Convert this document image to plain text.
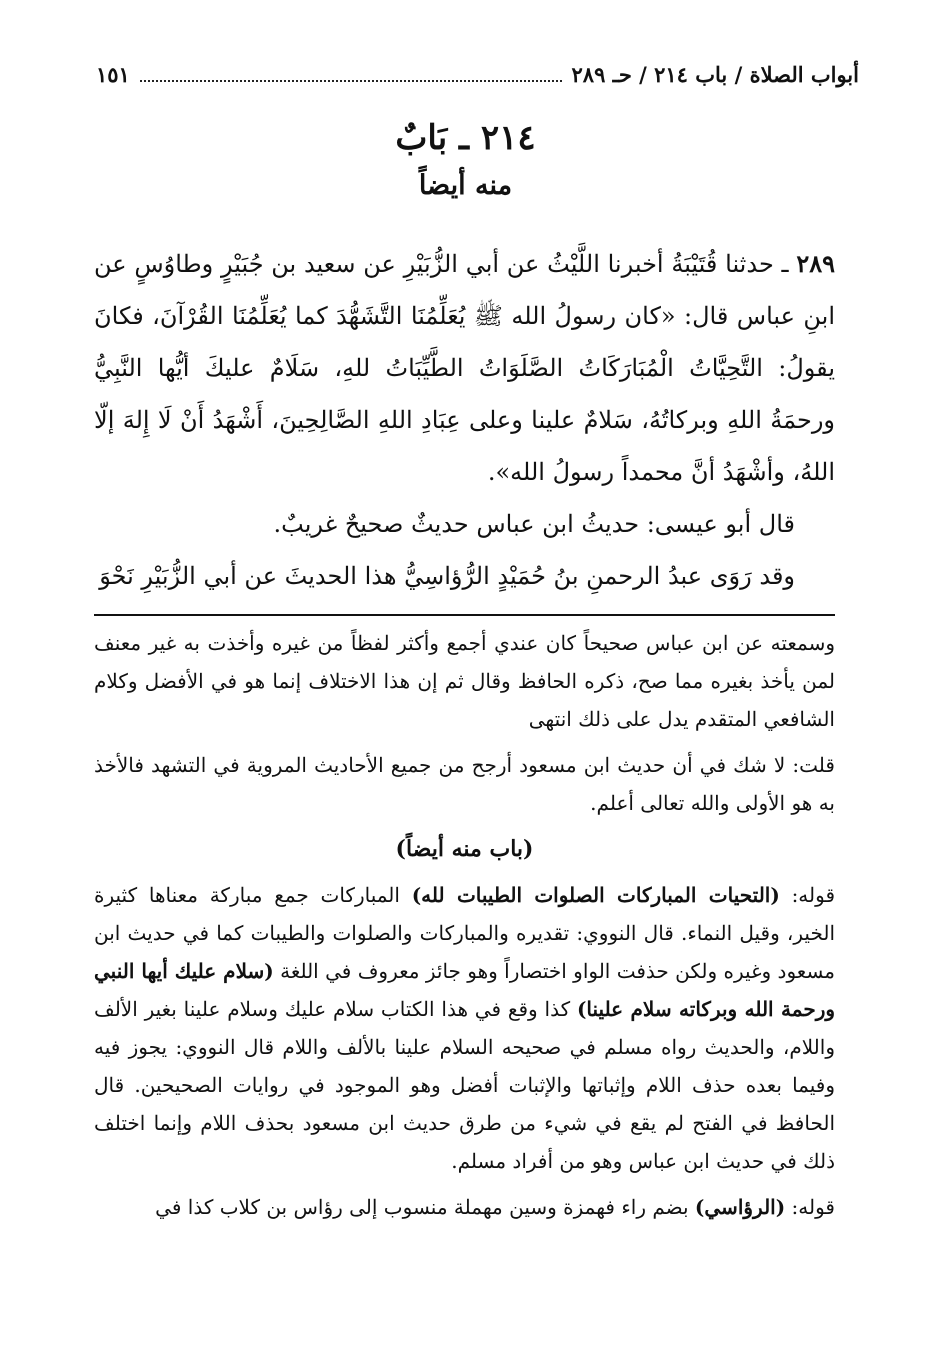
أبواب الصلاة / باب ٢١٤ / حـ ٢٨٩
١٥١
٢١٤ ـ بَابٌ
منه أيضاً

٢٨٩ ـ حدثنا قُتَيْبَةُ أخبرنا اللَّيْثُ عن أبي الزُّبَيْرِ عن سعيد بن جُبَيْرٍ وطاوُسٍ عن ابنِ عباس قال: «كان رسولُ الله ﷺ يُعَلِّمُنَا التَّشَهُّدَ كما يُعَلِّمُنَا القُرْآنَ، فكانَ يقولُ: التَّحِيَّاتُ الْمُبَارَكَاتُ الصَّلَوَاتُ الطَّيِّبَاتُ للهِ، سَلَامٌ عليكَ أيُّها النَّبِيُّ ورحمَةُ اللهِ وبركاتُهُ، سَلامٌ علينا وعلى عِبَادِ اللهِ الصَّالِحِينَ، أَشْهَدُ أَنْ لَا إِلهَ إلّا اللهُ، وأشْهَدُ أنَّ محمداً رسولُ الله».

قال أبو عيسى: حديثُ ابن عباس حديثٌ صحيحٌ غريبٌ.

وقد رَوَى عبدُ الرحمنِ بنُ حُمَيْدٍ الرُّؤاسِيُّ هذا الحديثَ عن أبي الزُّبَيْرِ نَحْوَ

وسمعته عن ابن عباس صحيحاً كان عندي أجمع وأكثر لفظاً من غيره وأخذت به غير معنف لمن يأخذ بغيره مما صح، ذكره الحافظ وقال ثم إن هذا الاختلاف إنما هو في الأفضل وكلام الشافعي المتقدم يدل على ذلك انتهى

قلت: لا شك في أن حديث ابن مسعود أرجح من جميع الأحاديث المروية في التشهد فالأخذ به هو الأولى والله تعالى أعلم.

(باب منه أيضاً)

قوله: (التحيات المباركات الصلوات الطيبات لله) المباركات جمع مباركة معناها كثيرة الخير، وقيل النماء. قال النووي: تقديره والمباركات والصلوات والطيبات كما في حديث ابن مسعود وغيره ولكن حذفت الواو اختصاراً وهو جائز معروف في اللغة (سلام عليك أيها النبي ورحمة الله وبركاته سلام علينا) كذا وقع في هذا الكتاب سلام عليك وسلام علينا بغير الألف واللام، والحديث رواه مسلم في صحيحه السلام علينا بالألف واللام قال النووي: يجوز فيه وفيما بعده حذف اللام وإثباتها والإثبات أفضل وهو الموجود في روايات الصحيحين. قال الحافظ في الفتح لم يقع في شيء من طرق حديث ابن مسعود بحذف اللام وإنما اختلف ذلك في حديث ابن عباس وهو من أفراد مسلم.

قوله: (الرؤاسي) بضم راء فهمزة وسين مهملة منسوب إلى رؤاس بن كلاب كذا في
